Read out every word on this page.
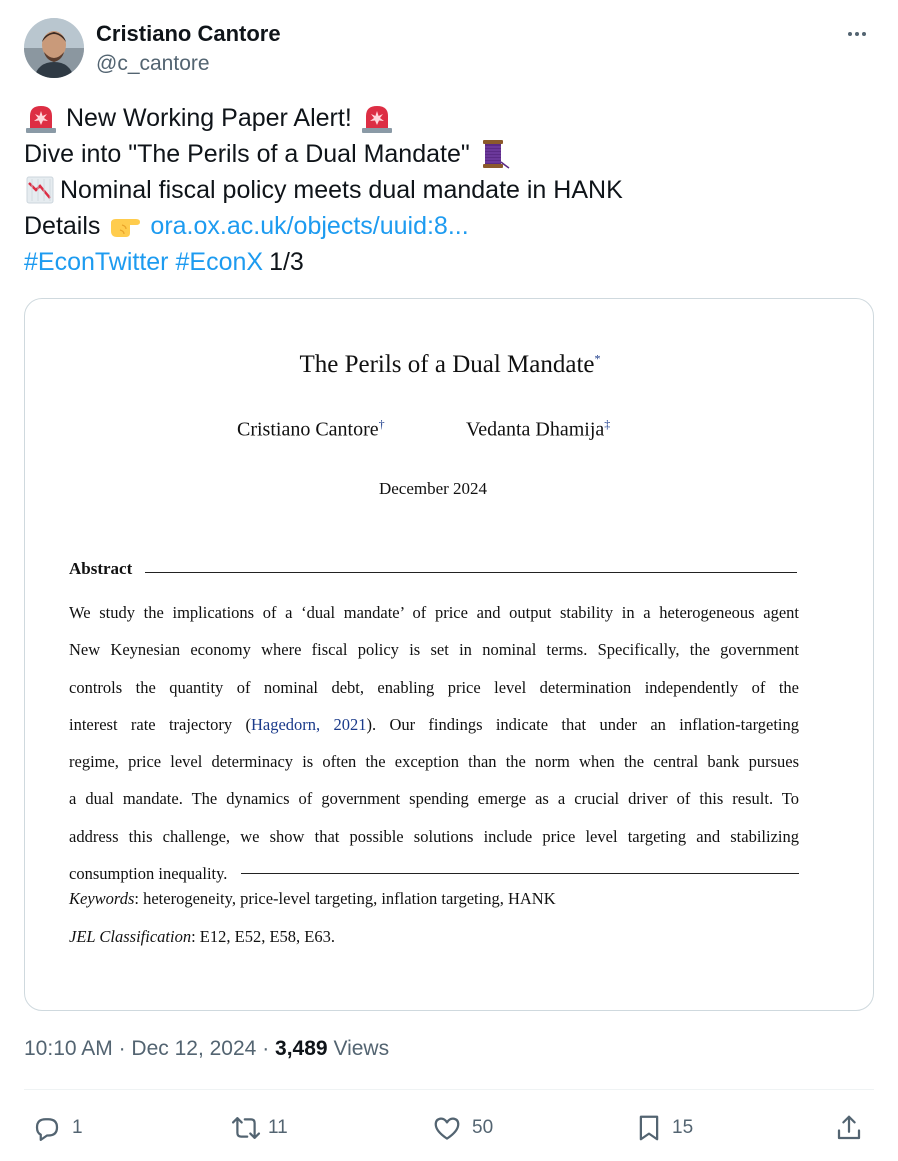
Cristiano Cantore
@c_cantore
New Working Paper Alert!
Dive into "The Perils of a Dual Mandate"
Nominal fiscal policy meets dual mandate in HANK
Details ora.ox.ac.uk/objects/uuid:8...
#EconTwitter #EconX 1/3
The Perils of a Dual Mandate*
Cristiano Cantore†	Vedanta Dhamija‡
December 2024
Abstract
We study the implications of a ‘dual mandate’ of price and output stability in a heterogeneous agent
New Keynesian economy where fiscal policy is set in nominal terms. Specifically, the government
controls the quantity of nominal debt, enabling price level determination independently of the
interest rate trajectory (Hagedorn, 2021). Our findings indicate that under an inflation-targeting
regime, price level determinacy is often the exception than the norm when the central bank pursues
a dual mandate. The dynamics of government spending emerge as a crucial driver of this result. To
address this challenge, we show that possible solutions include price level targeting and stabilizing
consumption inequality.
Keywords: heterogeneity, price-level targeting, inflation targeting, HANK
JEL Classification: E12, E52, E58, E63.
10:10 AM · Dec 12, 2024 · 3,489 Views
1	11	50	15
